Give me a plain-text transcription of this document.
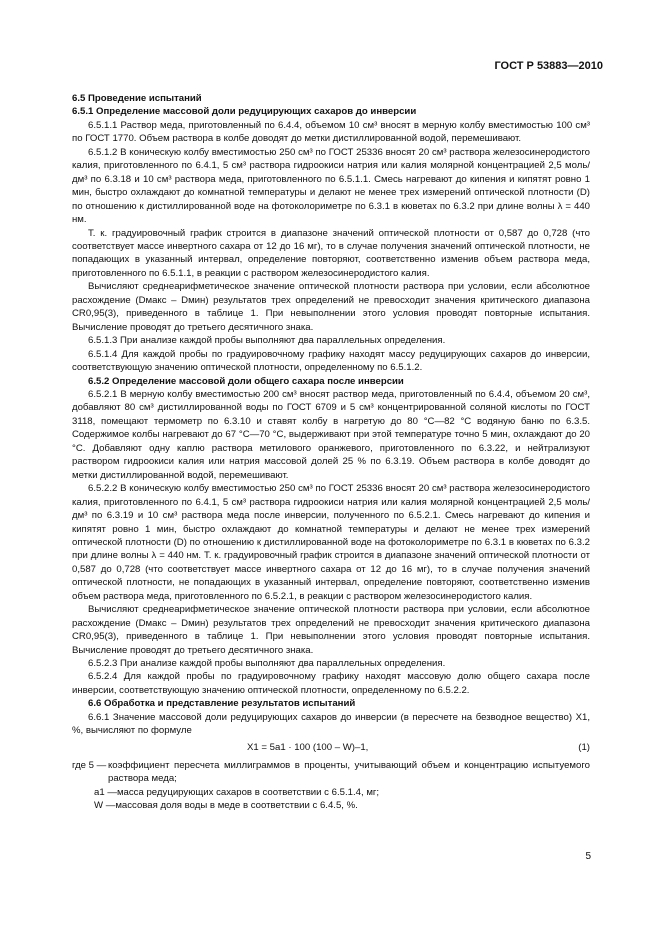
ГОСТ Р 53883—2010

6.5 Проведение испытаний

6.5.1 Определение массовой доли редуцирующих сахаров до инверсии

6.5.1.1 Раствор меда, приготовленный по 6.4.4, объемом 10 см³ вносят в мерную колбу вместимостью 100 см³ по ГОСТ 1770. Объем раствора в колбе доводят до метки дистиллированной водой, перемешивают.

6.5.1.2 В коническую колбу вместимостью 250 см³ по ГОСТ 25336 вносят 20 см³ раствора железосинеродистого калия, приготовленного по 6.4.1, 5 см³ раствора гидроокиси натрия или калия молярной концентрацией 2,5 моль/дм³ по 6.3.18 и 10 см³ раствора меда, приготовленного по 6.5.1.1. Смесь нагревают до кипения и кипятят ровно 1 мин, быстро охлаждают до комнатной температуры и делают не менее трех измерений оптической плотности (D) по отношению к дистиллированной воде на фотоколориметре по 6.3.1 в кюветах по 6.3.2 при длине волны λ = 440 нм.

Т. к. градуировочный график строится в диапазоне значений оптической плотности от 0,587 до 0,728 (что соответствует массе инвертного сахара от 12 до 16 мг), то в случае получения значений оптической плотности, не попадающих в указанный интервал, определение повторяют, соответственно изменив объем раствора меда, приготовленного по 6.5.1.1, в реакции с раствором железосинеродистого калия.

Вычисляют среднеарифметическое значение оптической плотности раствора при условии, если абсолютное расхождение (Dмакс – Dмин) результатов трех определений не превосходит значения критического диапазона CR0,95(3), приведенного в таблице 1. При невыполнении этого условия проводят повторные испытания. Вычисление проводят до третьего десятичного знака.

6.5.1.3 При анализе каждой пробы выполняют два параллельных определения.

6.5.1.4 Для каждой пробы по градуировочному графику находят массу редуцирующих сахаров до инверсии, соответствующую значению оптической плотности, определенному по 6.5.1.2.

6.5.2 Определение массовой доли общего сахара после инверсии

6.5.2.1 В мерную колбу вместимостью 200 см³ вносят раствор меда, приготовленный по 6.4.4, объемом 20 см³, добавляют 80 см³ дистиллированной воды по ГОСТ 6709 и 5 см³ концентрированной соляной кислоты по ГОСТ 3118, помещают термометр по 6.3.10 и ставят колбу в нагретую до 80 °С—82 °С водяную баню по 6.3.5. Содержимое колбы нагревают до 67 °С—70 °С, выдерживают при этой температуре точно 5 мин, охлаждают до 20 °С. Добавляют одну каплю раствора метилового оранжевого, приготовленного по 6.3.22, и нейтрализуют раствором гидроокиси калия или натрия массовой долей 25 % по 6.3.19. Объем раствора в колбе доводят до метки дистиллированной водой, перемешивают.

6.5.2.2 В коническую колбу вместимостью 250 см³ по ГОСТ 25336 вносят 20 см³ раствора железосинеродистого калия, приготовленного по 6.4.1, 5 см³ раствора гидроокиси натрия или калия молярной концентрацией 2,5 моль/дм³ по 6.3.19 и 10 см³ раствора меда после инверсии, полученного по 6.5.2.1. Смесь нагревают до кипения и кипятят ровно 1 мин, быстро охлаждают до комнатной температуры и делают не менее трех измерений оптической плотности (D) по отношению к дистиллированной воде на фотоколориметре по 6.3.1 в кюветах по 6.3.2 при длине волны λ = 440 нм. Т. к. градуировочный график строится в диапазоне значений оптической плотности от 0,587 до 0,728 (что соответствует массе инвертного сахара от 12 до 16 мг), то в случае получения значений оптической плотности, не попадающих в указанный интервал, определение повторяют, соответственно изменив объем раствора меда, приготовленного по 6.5.2.1, в реакции с раствором железосинеродистого калия.

Вычисляют среднеарифметическое значение оптической плотности раствора при условии, если абсолютное расхождение (Dмакс – Dмин) результатов трех определений не превосходит значения критического диапазона CR0,95(3), приведенного в таблице 1. При невыполнении этого условия проводят повторные испытания. Вычисление проводят до третьего десятичного знака.

6.5.2.3 При анализе каждой пробы выполняют два параллельных определения.

6.5.2.4 Для каждой пробы по градуировочному графику находят массовую долю общего сахара после инверсии, соответствующую значению оптической плотности, определенному по 6.5.2.2.

6.6 Обработка и представление результатов испытаний

6.6.1 Значение массовой доли редуцирующих сахаров до инверсии (в пересчете на безводное вещество) X1, %, вычисляют по формуле

X1 = 5a1 · 100 (100 – W)–1,	(1)
где 5 — коэффициент пересчета миллиграммов в проценты, учитывающий объем и концентрацию испытуемого раствора меда;
a1 — масса редуцирующих сахаров в соответствии с 6.5.1.4, мг;
W — массовая доля воды в меде в соответствии с 6.4.5, %.
5
